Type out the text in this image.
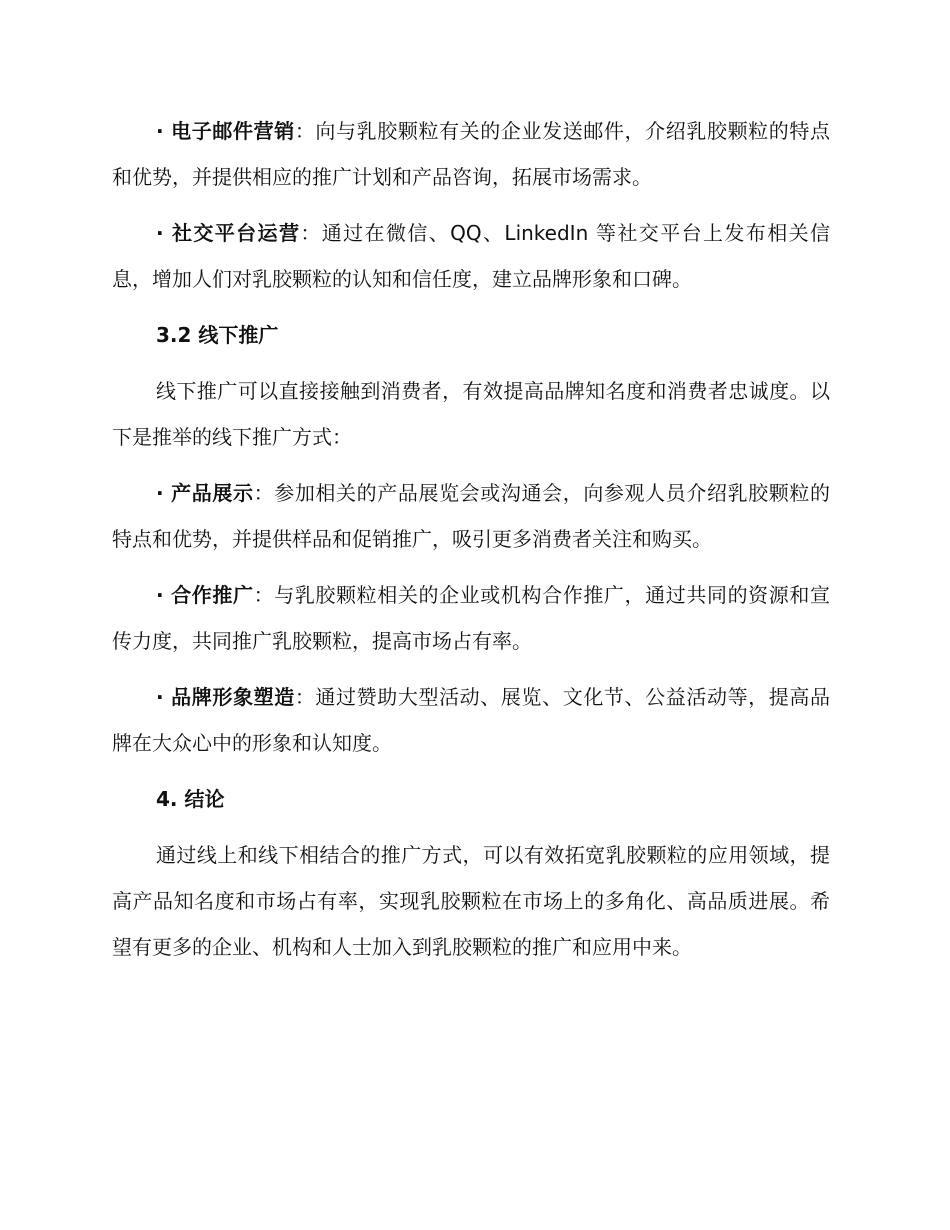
· 电子邮件营销：向与乳胶颗粒有关的企业发送邮件，介绍乳胶颗粒的特点和优势，并提供相应的推广计划和产品咨询，拓展市场需求。

· 社交平台运营：通过在微信、QQ、LinkedIn 等社交平台上发布相关信息，增加人们对乳胶颗粒的认知和信任度，建立品牌形象和口碑。

3.2 线下推广

线下推广可以直接接触到消费者，有效提高品牌知名度和消费者忠诚度。以下是推举的线下推广方式：

· 产品展示：参加相关的产品展览会或沟通会，向参观人员介绍乳胶颗粒的特点和优势，并提供样品和促销推广，吸引更多消费者关注和购买。

· 合作推广：与乳胶颗粒相关的企业或机构合作推广，通过共同的资源和宣传力度，共同推广乳胶颗粒，提高市场占有率。

· 品牌形象塑造：通过赞助大型活动、展览、文化节、公益活动等，提高品牌在大众心中的形象和认知度。

4. 结论

通过线上和线下相结合的推广方式，可以有效拓宽乳胶颗粒的应用领域，提高产品知名度和市场占有率，实现乳胶颗粒在市场上的多角化、高品质进展。希望有更多的企业、机构和人士加入到乳胶颗粒的推广和应用中来。
